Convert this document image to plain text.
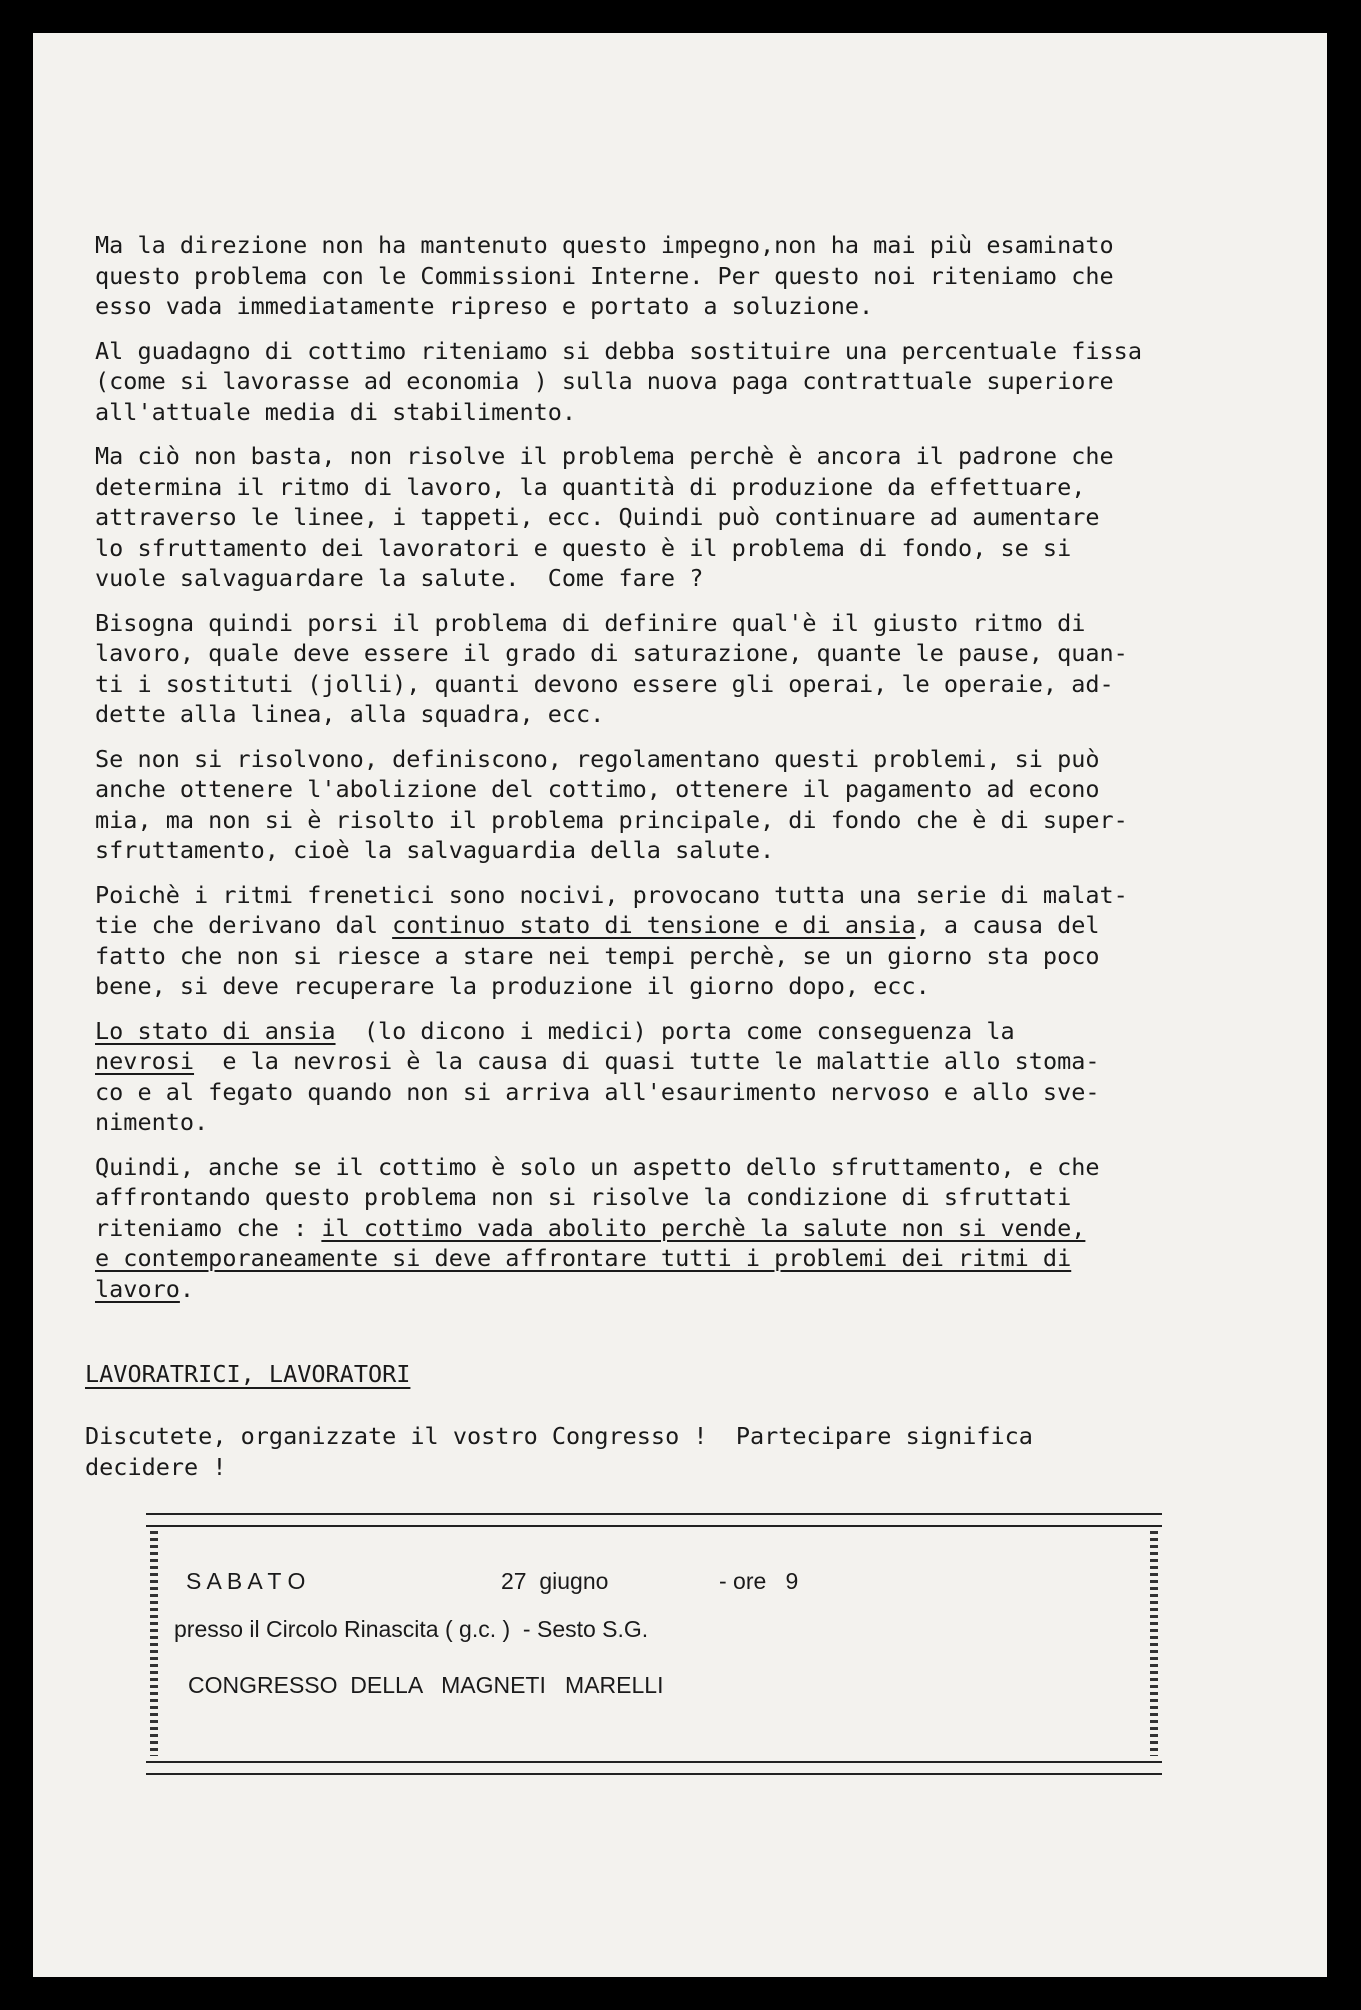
Ma la direzione non ha mantenuto questo impegno,non ha mai più esaminato
questo problema con le Commissioni Interne. Per questo noi riteniamo che
esso vada immediatamente ripreso e portato a soluzione.
Al guadagno di cottimo riteniamo si debba sostituire una percentuale fissa
(come si lavorasse ad economia ) sulla nuova paga contrattuale superiore
all'attuale media di stabilimento.
Ma ciò non basta, non risolve il problema perchè è ancora il padrone che
determina il ritmo di lavoro, la quantità di produzione da effettuare,
attraverso le linee, i tappeti, ecc. Quindi può continuare ad aumentare
lo sfruttamento dei lavoratori e questo è il problema di fondo, se si
vuole salvaguardare la salute.  Come fare ?
Bisogna quindi porsi il problema di definire qual'è il giusto ritmo di
lavoro, quale deve essere il grado di saturazione, quante le pause, quan-
ti i sostituti (jolli), quanti devono essere gli operai, le operaie, ad-
dette alla linea, alla squadra, ecc.
Se non si risolvono, definiscono, regolamentano questi problemi, si può
anche ottenere l'abolizione del cottimo, ottenere il pagamento ad econo
mia, ma non si è risolto il problema principale, di fondo che è di super-
sfruttamento, cioè la salvaguardia della salute.
Poichè i ritmi frenetici sono nocivi, provocano tutta una serie di malat-
tie che derivano dal continuo stato di tensione e di ansia, a causa del
fatto che non si riesce a stare nei tempi perchè, se un giorno sta poco
bene, si deve recuperare la produzione il giorno dopo, ecc.
Lo stato di ansia  (lo dicono i medici) porta come conseguenza la
nevrosi  e la nevrosi è la causa di quasi tutte le malattie allo stoma-
co e al fegato quando non si arriva all'esaurimento nervoso e allo sve-
nimento.
Quindi, anche se il cottimo è solo un aspetto dello sfruttamento, e che
affrontando questo problema non si risolve la condizione di sfruttati
riteniamo che : il cottimo vada abolito perchè la salute non si vende,
e contemporaneamente si deve affrontare tutti i problemi dei ritmi di
lavoro.
LAVORATRICI, LAVORATORI
Discutete, organizzate il vostro Congresso !  Partecipare significa
decidere !
S A B A T O	27  giugno	- ore   9
presso il Circolo Rinascita ( g.c. )  - Sesto S.G.
CONGRESSO  DELLA   MAGNETI   MARELLI
